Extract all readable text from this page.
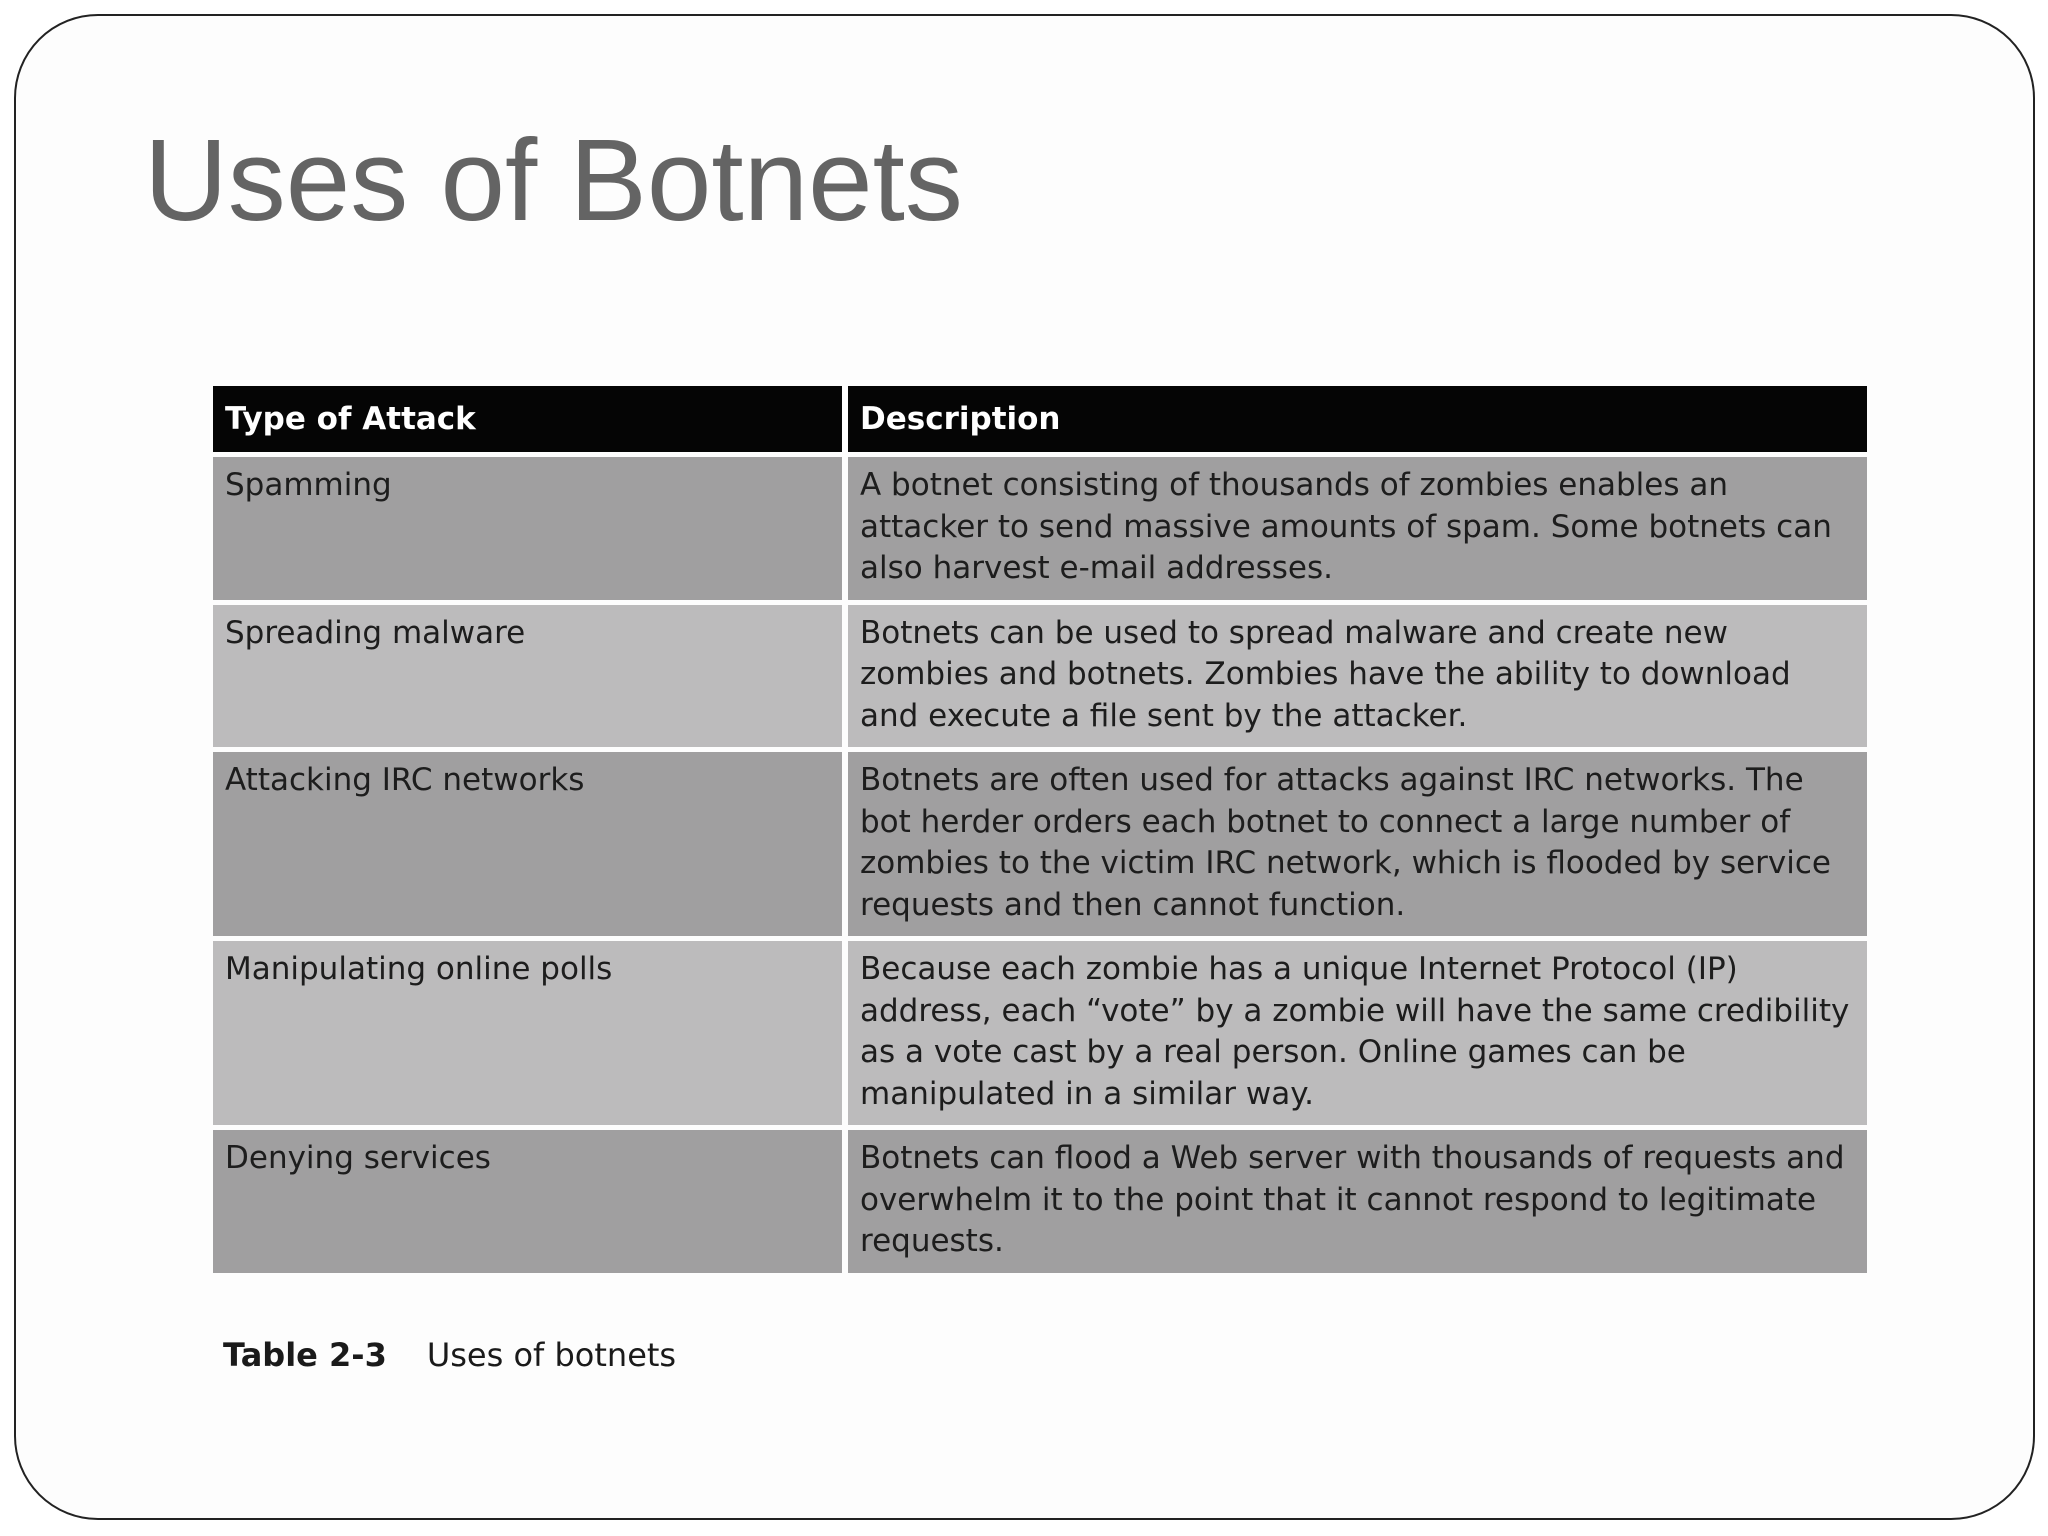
Uses of Botnets
Type of Attack	Description
Spamming	A botnet consisting of thousands of zombies enables an attacker to send massive amounts of spam. Some botnets can also harvest e-mail addresses.
Spreading malware	Botnets can be used to spread malware and create new zombies and botnets. Zombies have the ability to download and execute a file sent by the attacker.
Attacking IRC networks	Botnets are often used for attacks against IRC networks. The bot herder orders each botnet to connect a large number of zombies to the victim IRC network, which is flooded by service requests and then cannot function.
Manipulating online polls	Because each zombie has a unique Internet Protocol (IP) address, each “vote” by a zombie will have the same credibility as a vote cast by a real person. Online games can be manipulated in a similar way.
Denying services	Botnets can flood a Web server with thousands of requests and overwhelm it to the point that it cannot respond to legitimate requests.
Table 2-3 Uses of botnets
